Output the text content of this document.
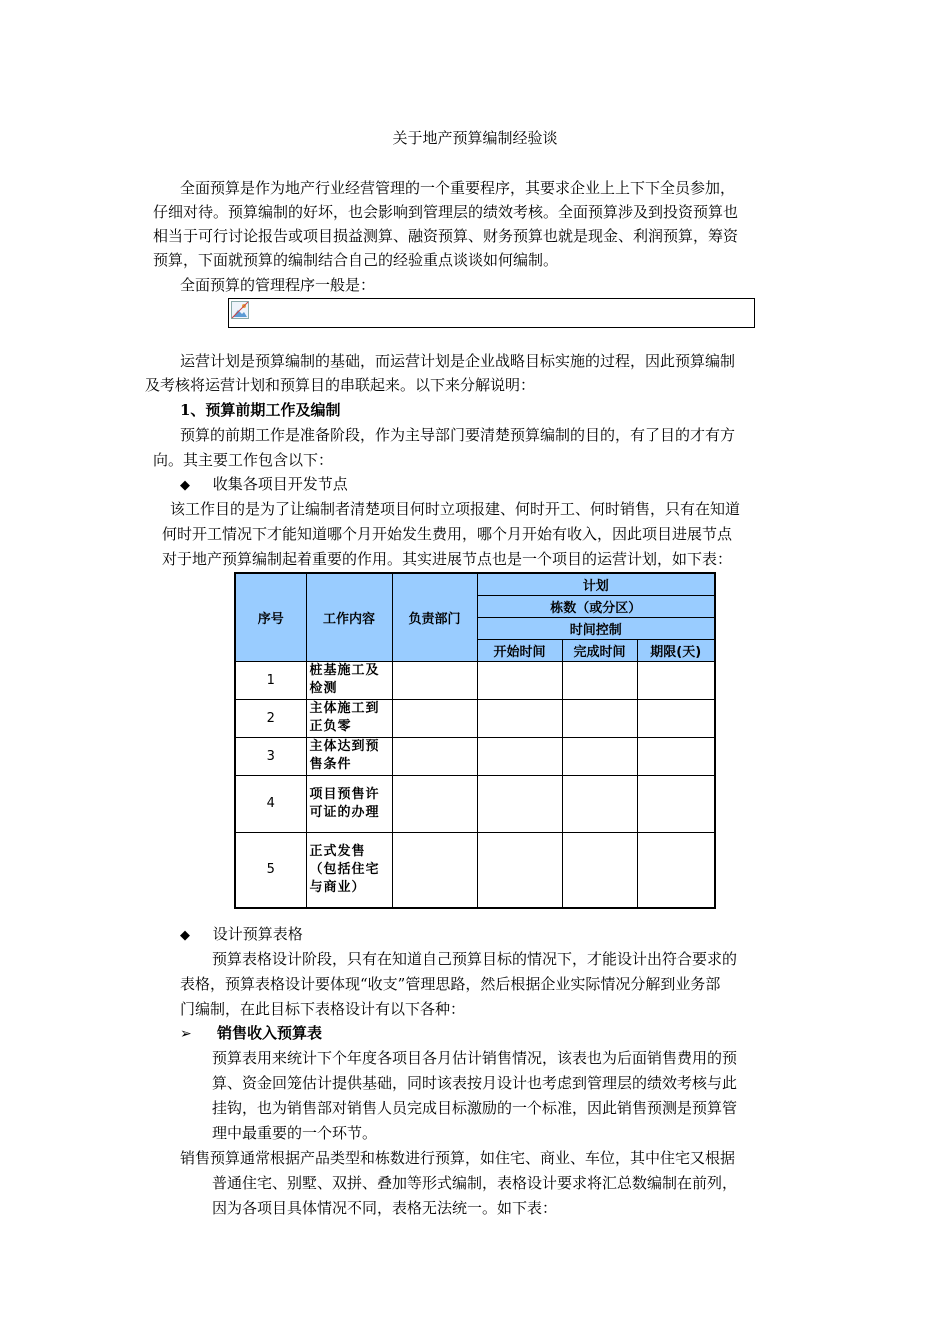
关于地产预算编制经验谈
全面预算是作为地产行业经营管理的一个重要程序，其要求企业上上下下全员参加，
仔细对待。预算编制的好坏，也会影响到管理层的绩效考核。全面预算涉及到投资预算也
相当于可行讨论报告或项目损益测算、融资预算、财务预算也就是现金、利润预算，筹资
预算，下面就预算的编制结合自己的经验重点谈谈如何编制。
全面预算的管理程序一般是：
运营计划是预算编制的基础，而运营计划是企业战略目标实施的过程，因此预算编制
及考核将运营计划和预算目的串联起来。以下来分解说明：
1、预算前期工作及编制
预算的前期工作是准备阶段，作为主导部门要清楚预算编制的目的，有了目的才有方
向。其主要工作包含以下：
◆ 收集各项目开发节点
该工作目的是为了让编制者清楚项目何时立项报建、何时开工、何时销售，只有在知道
何时开工情况下才能知道哪个月开始发生费用，哪个月开始有收入，因此项目进展节点
对于地产预算编制起着重要的作用。其实进展节点也是一个项目的运营计划，如下表：
序号	工作内容	负责部门	计划		
			栋数（或分区）		
			时间控制		
			开始时间	完成时间	期限(天)
1	桩基施工及检测				
2	主体施工到正负零				
3	主体达到预售条件				
4	项目预售许可证的办理				
5	正式发售（包括住宅与商业）				
◆ 设计预算表格
预算表格设计阶段，只有在知道自己预算目标的情况下，才能设计出符合要求的
表格，预算表格设计要体现“收支”管理思路，然后根据企业实际情况分解到业务部
门编制，在此目标下表格设计有以下各种：
➢ 销售收入预算表
预算表用来统计下个年度各项目各月估计销售情况，该表也为后面销售费用的预
算、资金回笼估计提供基础，同时该表按月设计也考虑到管理层的绩效考核与此
挂钩，也为销售部对销售人员完成目标激励的一个标准，因此销售预测是预算管
理中最重要的一个环节。
销售预算通常根据产品类型和栋数进行预算，如住宅、商业、车位，其中住宅又根据
普通住宅、别墅、双拼、叠加等形式编制，表格设计要求将汇总数编制在前列，
因为各项目具体情况不同，表格无法统一。如下表：
